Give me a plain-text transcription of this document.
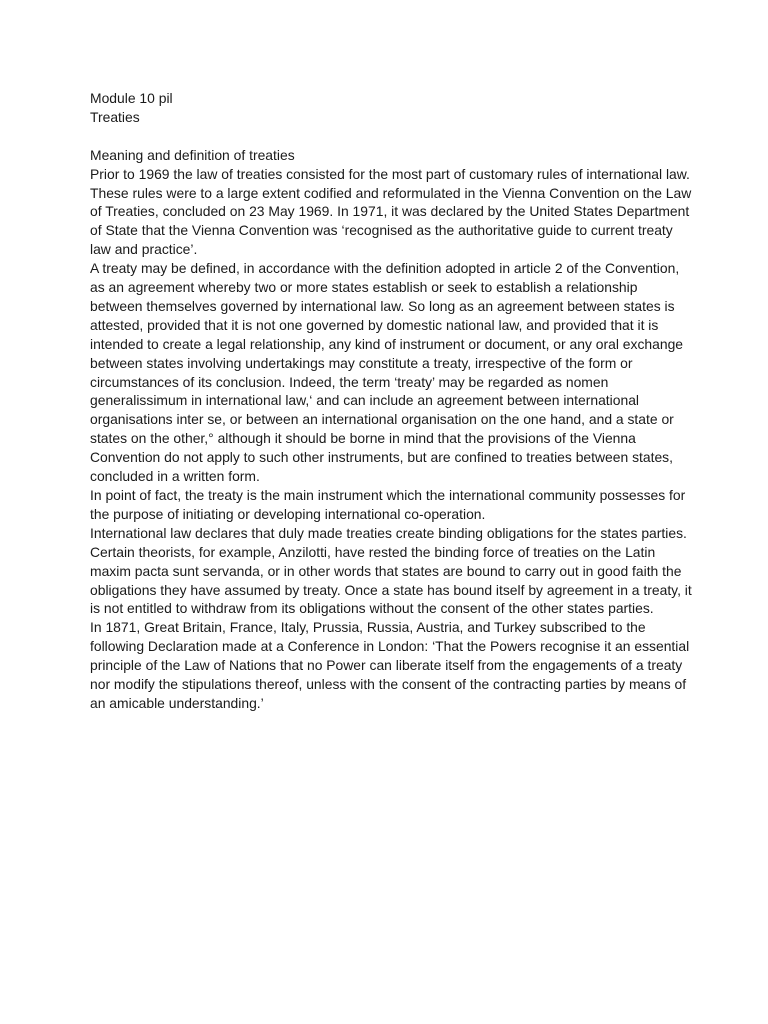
Module 10 pil
Treaties
Meaning and definition of treaties

Prior to 1969 the law of treaties consisted for the most part of customary rules of international law. These rules were to a large extent codified and reformulated in the Vienna Convention on the Law of Treaties, concluded on 23 May 1969. In 1971, it was declared by the United States Department of State that the Vienna Convention was ‘recognised as the authoritative guide to current treaty law and practice’.

A treaty may be defined, in accordance with the definition adopted in article 2 of the Convention, as an agreement whereby two or more states establish or seek to establish a relationship between themselves governed by international law. So long as an agreement between states is attested, provided that it is not one governed by domestic national law, and provided that it is intended to create a legal relationship, any kind of instrument or document, or any oral exchange between states involving undertakings may constitute a treaty, irrespective of the form or circumstances of its conclusion. Indeed, the term ‘treaty’ may be regarded as nomen generalissimum in international law,‘ and can include an agreement between international organisations inter se, or between an international organisation on the one hand, and a state or states on the other,° although it should be borne in mind that the provisions of the Vienna Convention do not apply to such other instruments, but are confined to treaties between states, concluded in a written form.

In point of fact, the treaty is the main instrument which the international community possesses for the purpose of initiating or developing international co-operation.

International law declares that duly made treaties create binding obligations for the states parties. Certain theorists, for example, Anzilotti, have rested the binding force of treaties on the Latin maxim pacta sunt servanda, or in other words that states are bound to carry out in good faith the obligations they have assumed by treaty. Once a state has bound itself by agreement in a treaty, it is not entitled to withdraw from its obligations without the consent of the other states parties.

In 1871, Great Britain, France, Italy, Prussia, Russia, Austria, and Turkey subscribed to the following Declaration made at a Conference in London: ‘That the Powers recognise it an essential principle of the Law of Nations that no Power can liberate itself from the engagements of a treaty nor modify the stipulations thereof, unless with the consent of the contracting parties by means of an amicable understanding.’
